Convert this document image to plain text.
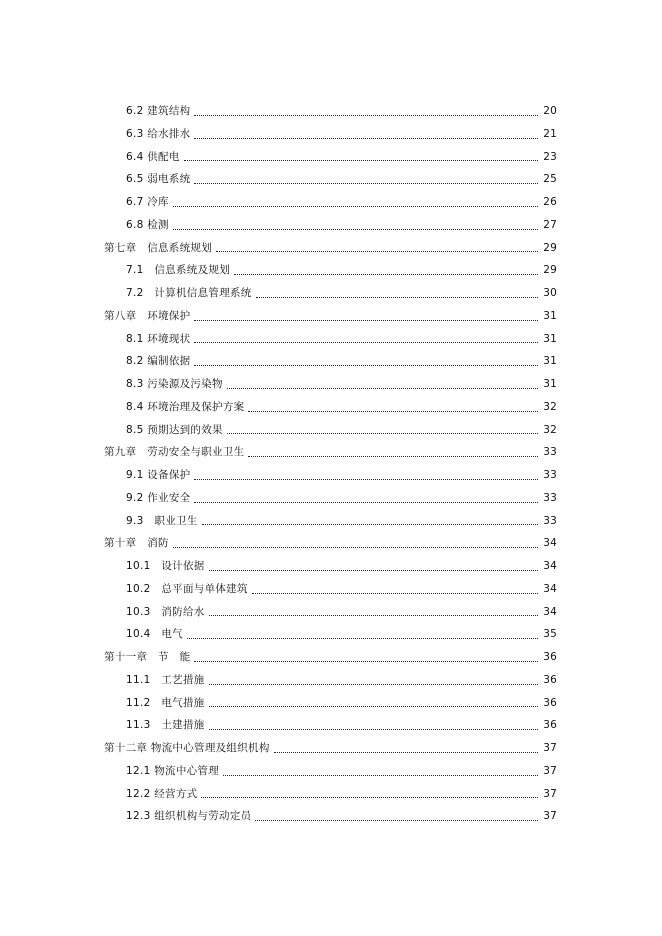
6.2 建筑结构	20
6.3 给水排水	21
6.4 供配电	23
6.5 弱电系统	25
6.7 冷库	26
6.8 检测	27
第七章　信息系统规划	29
7.1　信息系统及规划	29
7.2　计算机信息管理系统	30
第八章　环境保护	31
8.1 环境现状	31
8.2 编制依据	31
8.3 污染源及污染物	31
8.4 环境治理及保护方案	32
8.5 预期达到的效果	32
第九章　劳动安全与职业卫生	33
9.1 设备保护	33
9.2 作业安全	33
9.3　职业卫生	33
第十章　消防	34
10.1　设计依据	34
10.2　总平面与单体建筑	34
10.3　消防给水	34
10.4　电气	35
第十一章　节　能	36
11.1　工艺措施	36
11.2　电气措施	36
11.3　土建措施	36
第十二章 物流中心管理及组织机构	37
12.1 物流中心管理	37
12.2 经营方式	37
12.3 组织机构与劳动定员	37
